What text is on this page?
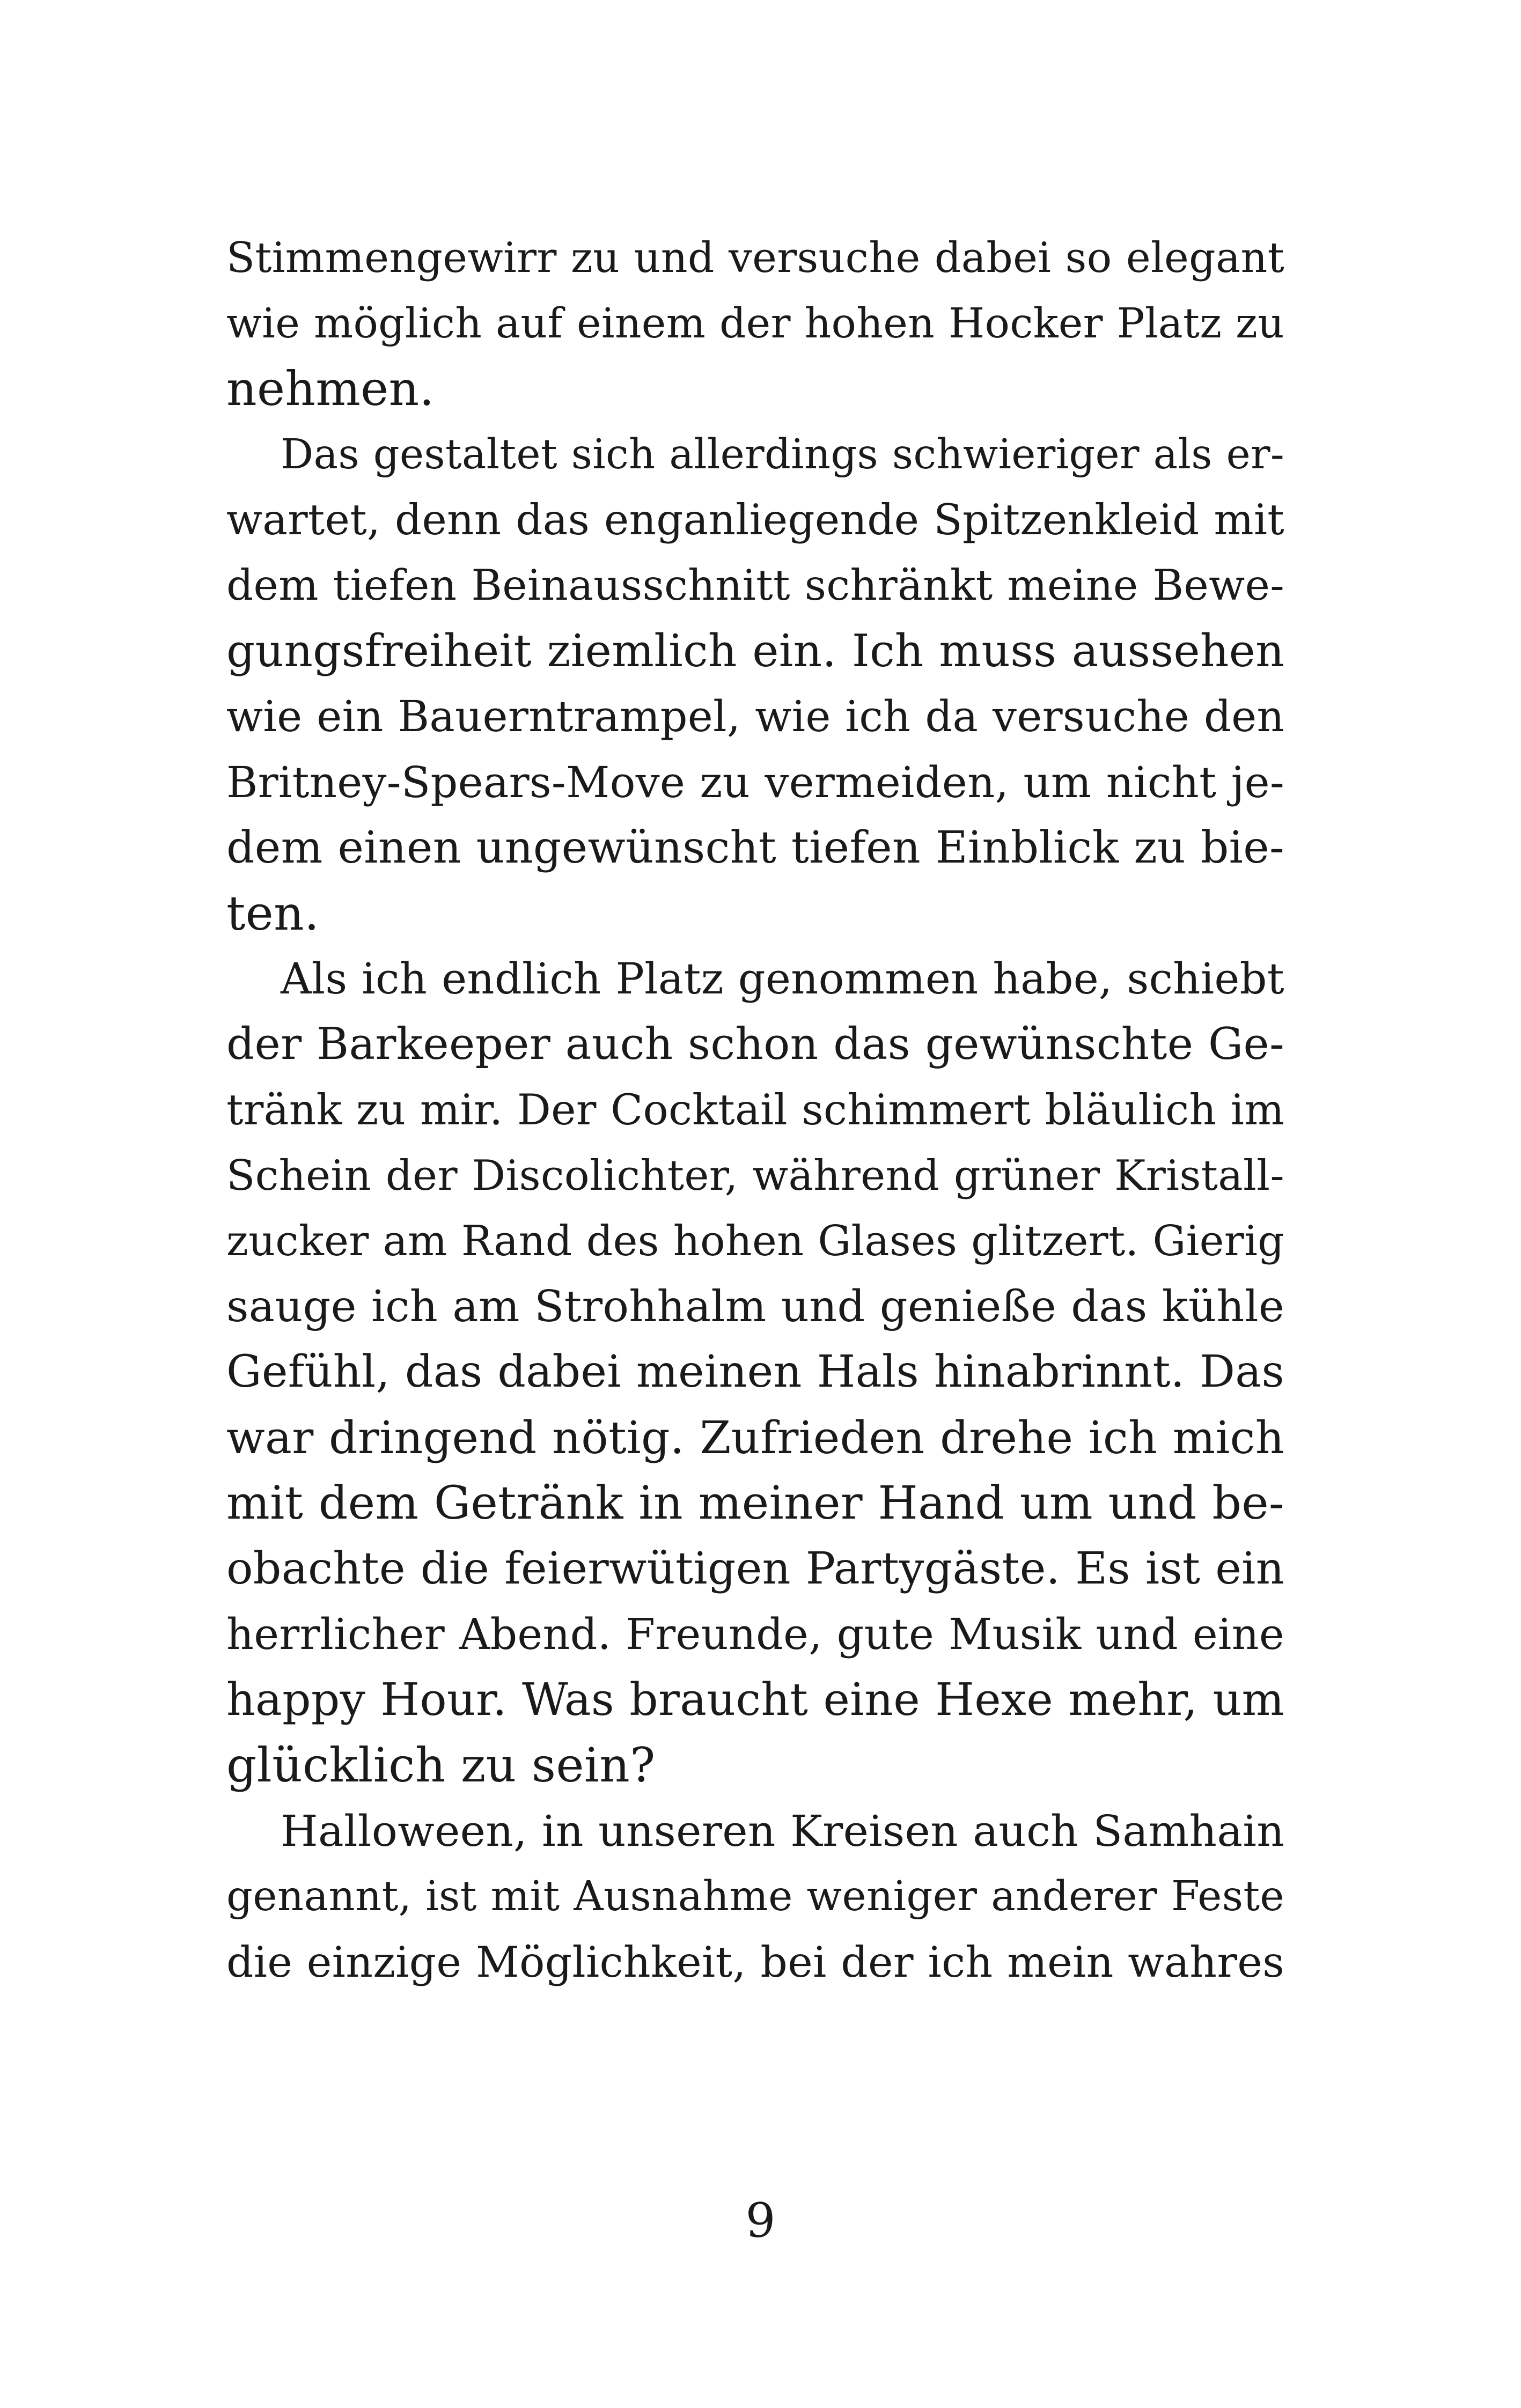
Stimmengewirr zu und versuche dabei so elegant
wie möglich auf einem der hohen Hocker Platz zu
nehmen.
Das gestaltet sich allerdings schwieriger als er-
wartet, denn das enganliegende Spitzenkleid mit
dem tiefen Beinausschnitt schränkt meine Bewe-
gungsfreiheit ziemlich ein. Ich muss aussehen
wie ein Bauerntrampel, wie ich da versuche den
Britney-Spears-Move zu vermeiden, um nicht je-
dem einen ungewünscht tiefen Einblick zu bie-
ten.
Als ich endlich Platz genommen habe, schiebt
der Barkeeper auch schon das gewünschte Ge-
tränk zu mir. Der Cocktail schimmert bläulich im
Schein der Discolichter, während grüner Kristall-
zucker am Rand des hohen Glases glitzert. Gierig
sauge ich am Strohhalm und genieße das kühle
Gefühl, das dabei meinen Hals hinabrinnt. Das
war dringend nötig. Zufrieden drehe ich mich
mit dem Getränk in meiner Hand um und be-
obachte die feierwütigen Partygäste. Es ist ein
herrlicher Abend. Freunde, gute Musik und eine
happy Hour. Was braucht eine Hexe mehr, um
glücklich zu sein?
Halloween, in unseren Kreisen auch Samhain
genannt, ist mit Ausnahme weniger anderer Feste
die einzige Möglichkeit, bei der ich mein wahres
9
